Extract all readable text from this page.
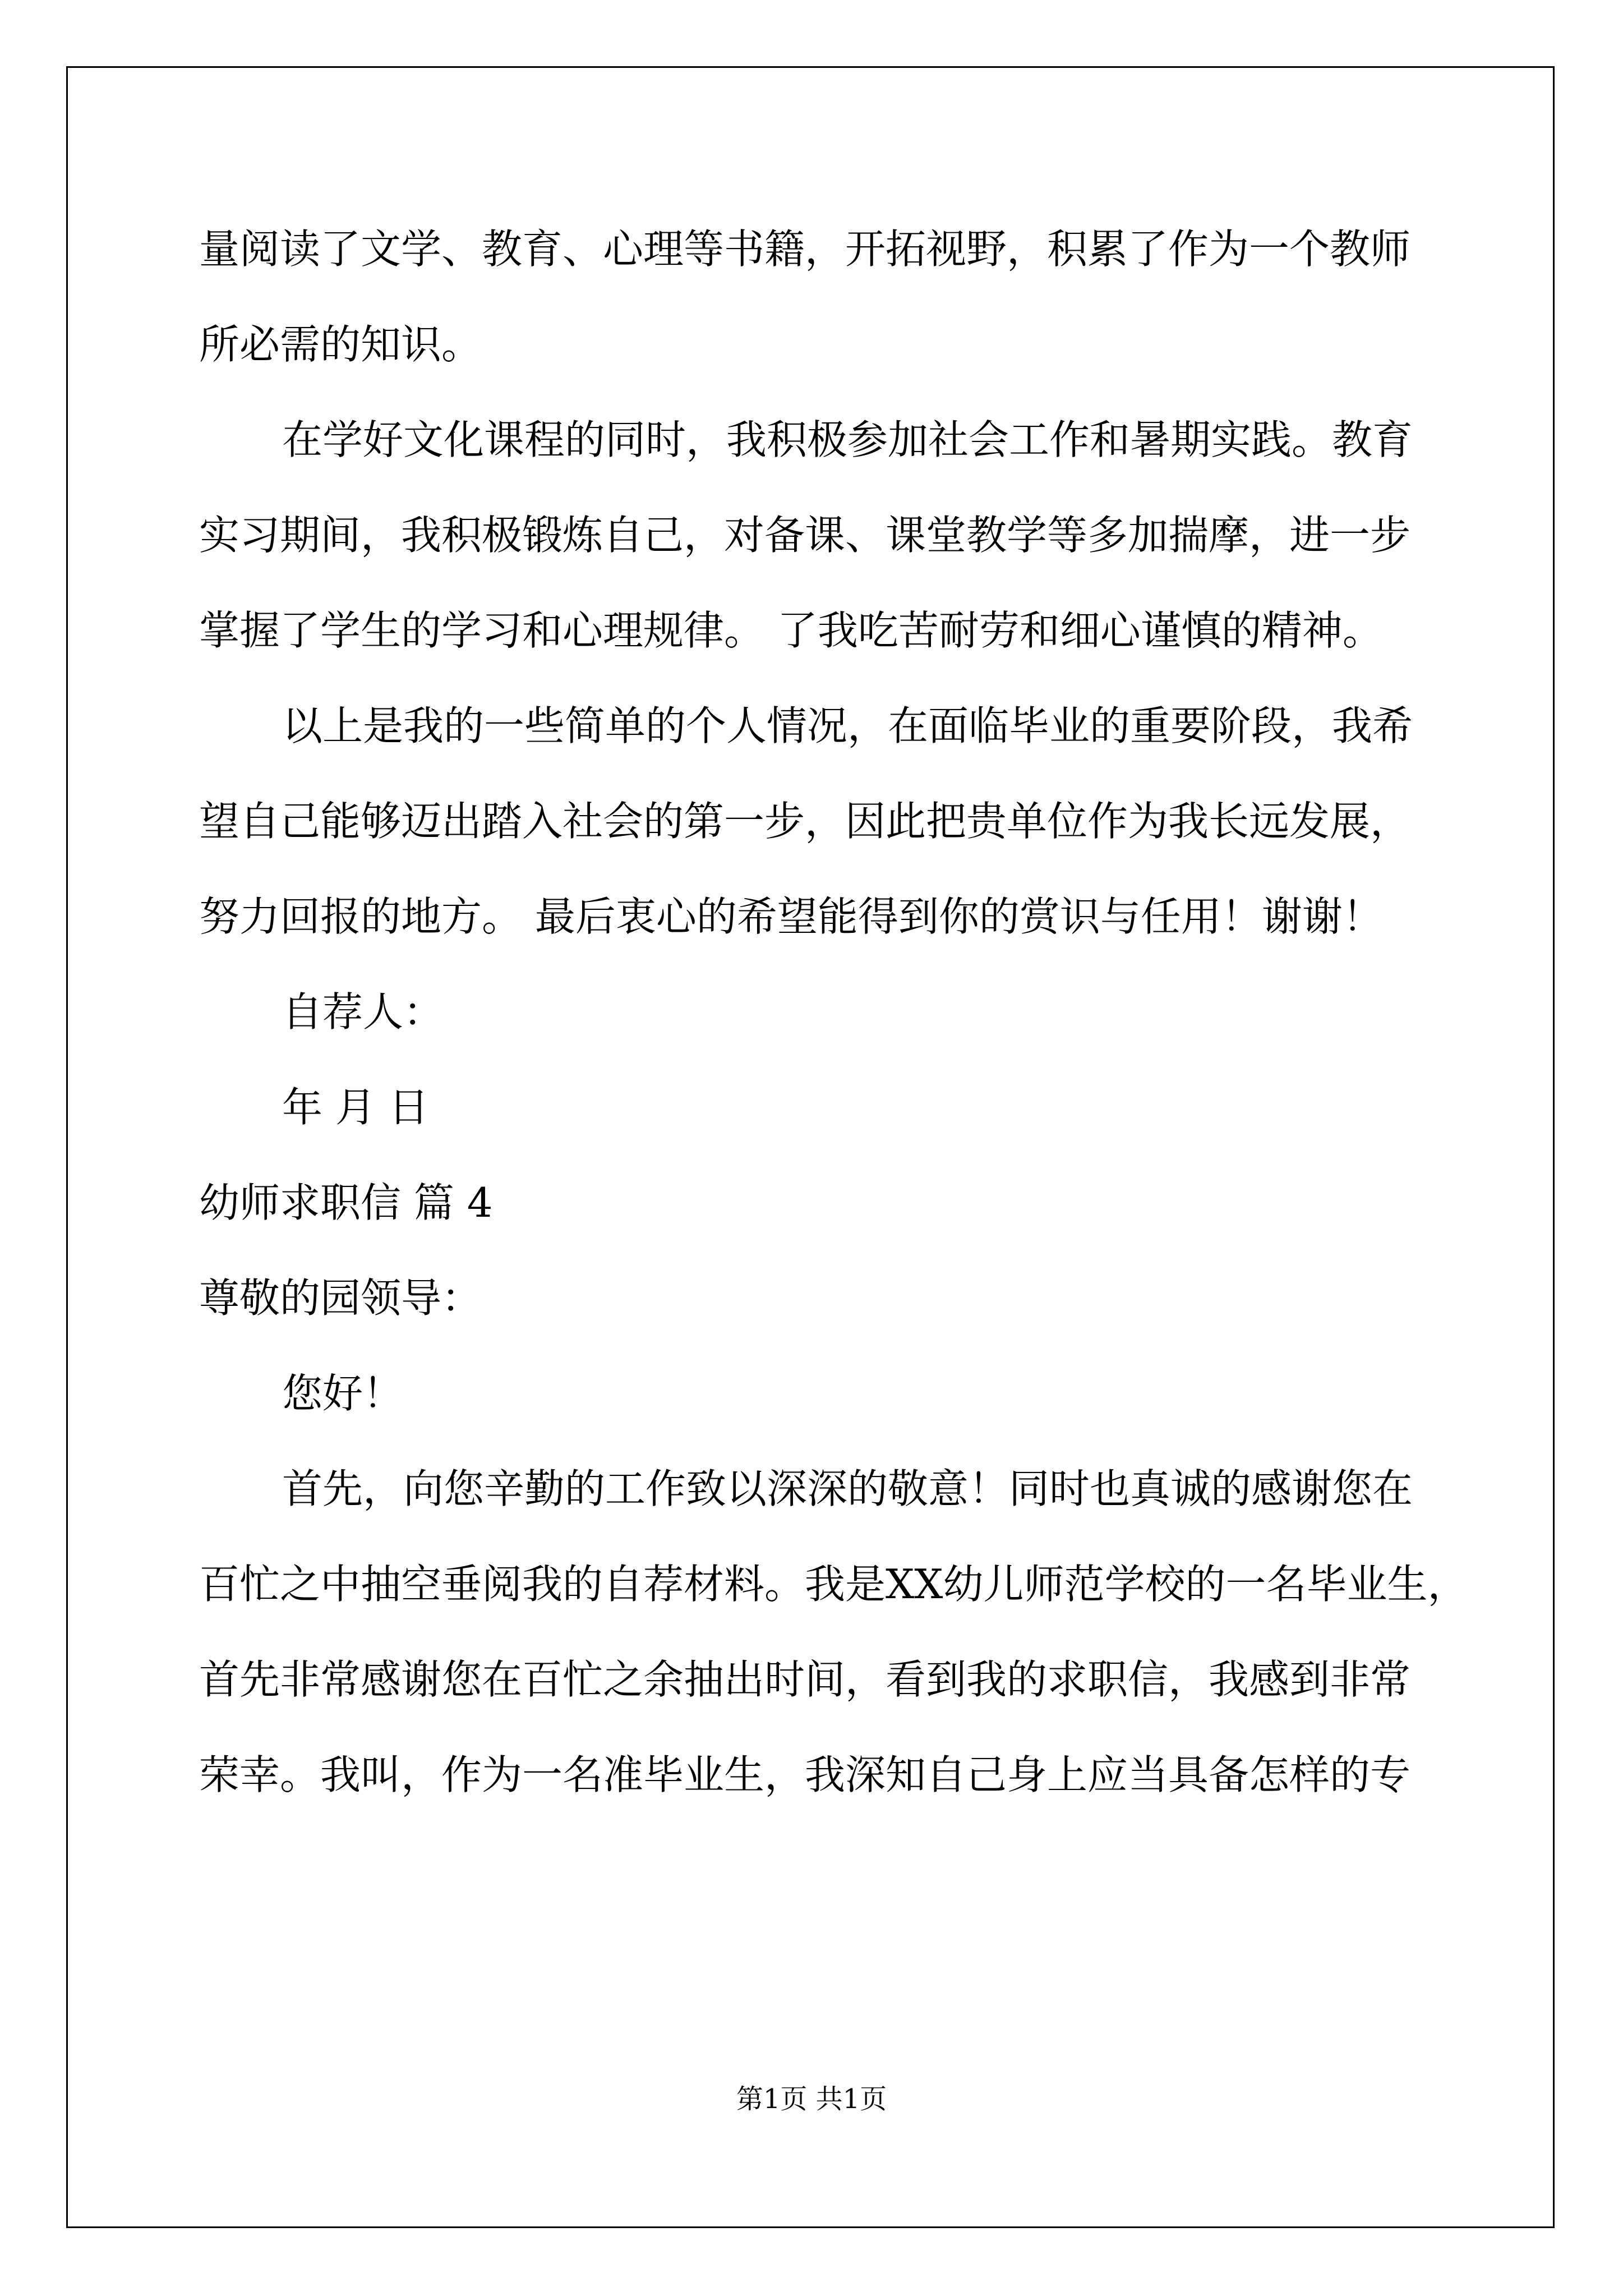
量阅读了文学、教育、心理等书籍，开拓视野，积累了作为一个教师

所必需的知识。

在学好文化课程的同时，我积极参加社会工作和暑期实践。教育

实习期间，我积极锻炼自己，对备课、课堂教学等多加揣摩，进一步

掌握了学生的学习和心理规律。 了我吃苦耐劳和细心谨慎的精神。

以上是我的一些简单的个人情况，在面临毕业的重要阶段，我希

望自己能够迈出踏入社会的第一步，因此把贵单位作为我长远发展，

努力回报的地方。 最后衷心的希望能得到你的赏识与任用！谢谢！

自荐人：

年 月 日

幼师求职信 篇 4

尊敬的园领导：

您好！

首先，向您辛勤的工作致以深深的敬意！同时也真诚的感谢您在

百忙之中抽空垂阅我的自荐材料。我是XX幼儿师范学校的一名毕业生，

首先非常感谢您在百忙之余抽出时间，看到我的求职信，我感到非常

荣幸。我叫，作为一名准毕业生，我深知自己身上应当具备怎样的专

第1页 共1页
